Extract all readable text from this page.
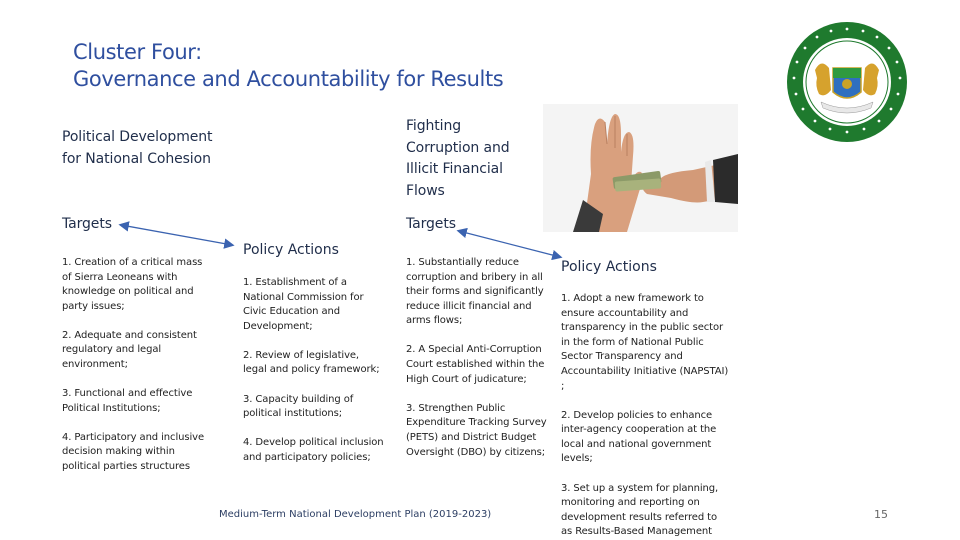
Cluster Four:
Governance and Accountability for Results
Political Development for National Cohesion
Fighting Corruption and Illicit Financial Flows
Targets	Targets
Policy Actions
Policy Actions
1. Creation of a critical mass of Sierra Leoneans with knowledge on political and party issues;
2. Adequate and consistent regulatory and legal environment;
3. Functional and effective Political Institutions;
4. Participatory and inclusive decision making within political parties structures
1. Establishment of a National Commission for Civic Education and Development;
2. Review of legislative, legal and policy framework;
3. Capacity building of political institutions;
4. Develop political inclusion and participatory policies;
1. Substantially reduce corruption and bribery in all their forms and significantly reduce illicit financial and arms flows;
2. A Special Anti-Corruption Court established within the High Court of judicature;
3. Strengthen Public Expenditure Tracking Survey (PETS) and District Budget Oversight (DBO) by citizens;
1. Adopt a new framework to ensure accountability and transparency in the public sector in the form of National Public Sector Transparency and Accountability Initiative (NAPSTAI) ;
2. Develop policies to enhance inter-agency cooperation at the local and national government levels;
3. Set up a system for planning, monitoring and reporting on development results referred to as Results-Based Management
Medium-Term National Development Plan (2019-2023)	15
